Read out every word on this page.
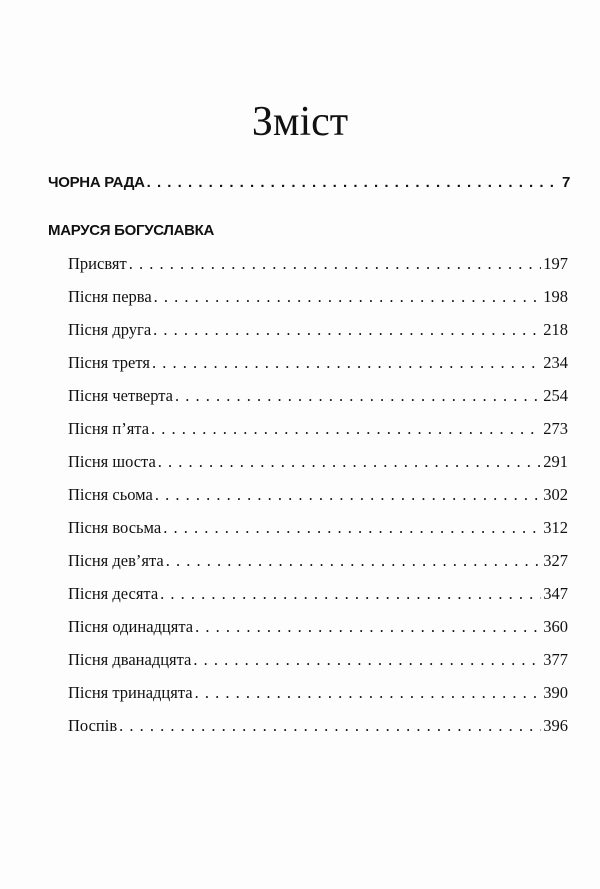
Зміст
ЧОРНА РАДА . . .	7
МАРУСЯ БОГУСЛАВКА
Присвят . . .	197
Пісня перва . . .	198
Пісня друга . . .	218
Пісня третя . . .	234
Пісня четверта . . .	254
Пісня п’ята . . .	273
Пісня шоста . . .	291
Пісня сьома . . .	302
Пісня восьма . . .	312
Пісня дев’ята . . .	327
Пісня десята . . .	347
Пісня одинадцята . . .	360
Пісня дванадцята . . .	377
Пісня тринадцята . . .	390
Поспів . . .	396
